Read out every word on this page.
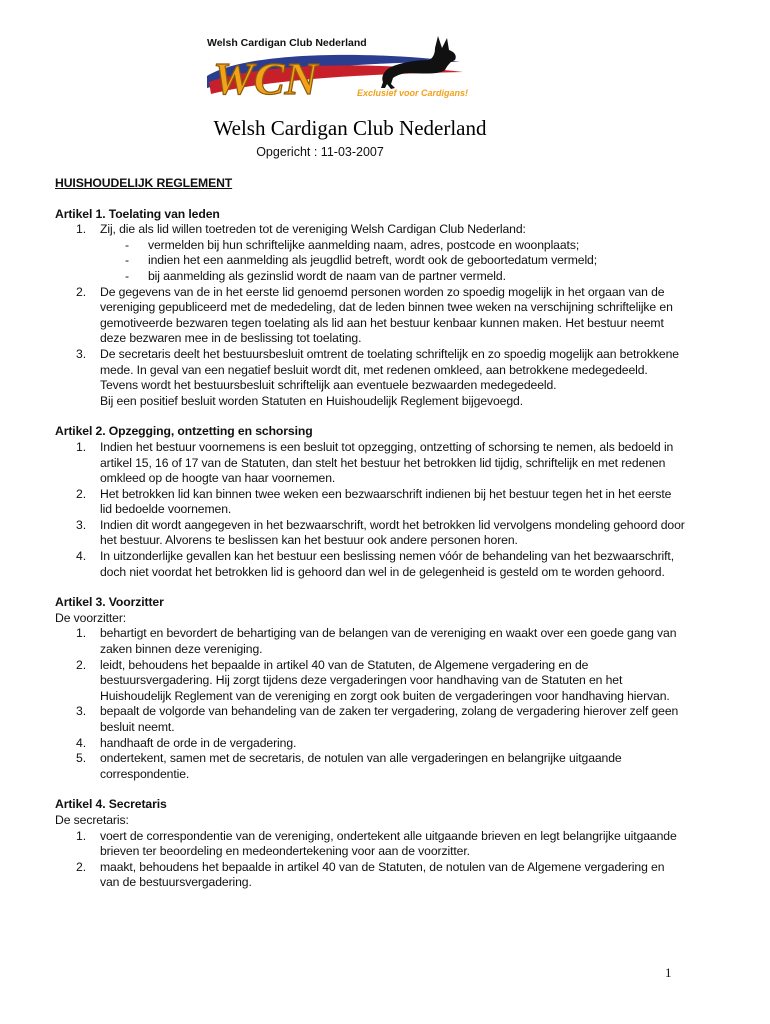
WCN
Welsh Cardigan Club Nederland
Exclusief voor Cardigans!
Welsh Cardigan Club Nederland
Opgericht : 11-03-2007

HUISHOUDELIJK REGLEMENT

Artikel 1. Toelating van leden

1. Zij, die als lid willen toetreden tot de vereniging Welsh Cardigan Club Nederland:
- vermelden bij hun schriftelijke aanmelding naam, adres, postcode en woonplaats;
- indien het een aanmelding als jeugdlid betreft, wordt ook de geboortedatum vermeld;
- bij aanmelding als gezinslid wordt de naam van de partner vermeld.
2. De gegevens van de in het eerste lid genoemd personen worden zo spoedig mogelijk in het orgaan van de vereniging gepubliceerd met de mededeling, dat de leden binnen twee weken na verschijning schriftelijke en gemotiveerde bezwaren tegen toelating als lid aan het bestuur kenbaar kunnen maken. Het bestuur neemt deze bezwaren mee in de beslissing tot toelating.
3. De secretaris deelt het bestuursbesluit omtrent de toelating schriftelijk en zo spoedig mogelijk aan betrokkene mede. In geval van een negatief besluit wordt dit, met redenen omkleed, aan betrokkene medegedeeld. Tevens wordt het bestuursbesluit schriftelijk aan eventuele bezwaarden medegedeeld.
Bij een positief besluit worden Statuten en Huishoudelijk Reglement bijgevoegd.

Artikel 2. Opzegging, ontzetting en schorsing

1. Indien het bestuur voornemens is een besluit tot opzegging, ontzetting of schorsing te nemen, als bedoeld in artikel 15, 16 of 17 van de Statuten, dan stelt het bestuur het betrokken lid tijdig, schriftelijk en met redenen omkleed op de hoogte van haar voornemen.
2. Het betrokken lid kan binnen twee weken een bezwaarschrift indienen bij het bestuur tegen het in het eerste lid bedoelde voornemen.
3. Indien dit wordt aangegeven in het bezwaarschrift, wordt het betrokken lid vervolgens mondeling gehoord door het bestuur. Alvorens te beslissen kan het bestuur ook andere personen horen.
4. In uitzonderlijke gevallen kan het bestuur een beslissing nemen vóór de behandeling van het bezwaarschrift, doch niet voordat het betrokken lid is gehoord dan wel in de gelegenheid is gesteld om te worden gehoord.

Artikel 3. Voorzitter

De voorzitter:

1. behartigt en bevordert de behartiging van de belangen van de vereniging en waakt over een goede gang van zaken binnen deze vereniging.
2. leidt, behoudens het bepaalde in artikel 40 van de Statuten, de Algemene vergadering en de bestuursvergadering. Hij zorgt tijdens deze vergaderingen voor handhaving van de Statuten en het Huishoudelijk Reglement van de vereniging en zorgt ook buiten de vergaderingen voor handhaving hiervan.
3. bepaalt de volgorde van behandeling van de zaken ter vergadering, zolang de vergadering hierover zelf geen besluit neemt.
4. handhaaft de orde in de vergadering.
5. ondertekent, samen met de secretaris, de notulen van alle vergaderingen en belangrijke uitgaande correspondentie.

Artikel 4. Secretaris

De secretaris:

1. voert de correspondentie van de vereniging, ondertekent alle uitgaande brieven en legt belangrijke uitgaande brieven ter beoordeling en medeondertekening voor aan de voorzitter.
2. maakt, behoudens het bepaalde in artikel 40 van de Statuten, de notulen van de Algemene vergadering en van de bestuursvergadering.
1
